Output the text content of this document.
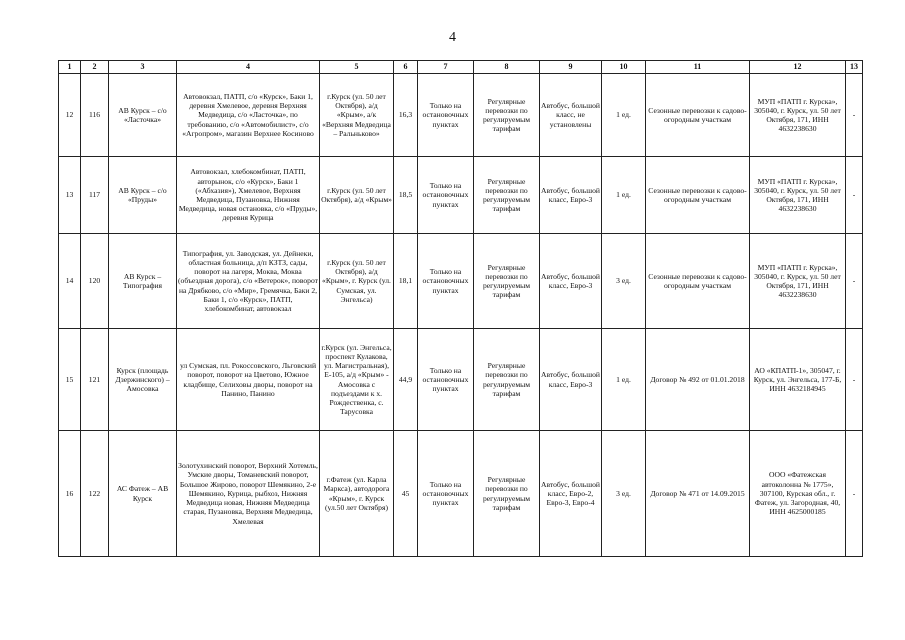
4
1	2	3	4	5	6	7	8	9	10	11	12	13
12	116	АВ Курск – с/о «Ласточка»	Автовокзал, ПАТП, с/о «Курск», Баки 1, деревня Хмелевое, деревня Верхняя Медведица, с/о «Ласточка», по требованию, с/о «Автомобилист», с/о «Агропром», магазин Верхнее Косиново	г.Курск (ул. 50 лет Октября), а/д «Крым», а/к «Верхняя Медведица – Ральньково»	16,3	Только на остановочных пунктах	Регулярные перевозки по регулируемым тарифам	Автобус, большой класс, не установлены	1 ед.	Сезонные перевозки к садово-огородным участкам	МУП «ПАТП г. Курска», 305040, г. Курск, ул. 50 лет Октября, 171, ИНН 4632238630	-
13	117	АВ Курск – с/о «Пруды»	Автовокзал, хлебокомбинат, ПАТП, авторынок, с/о «Курск», Баки 1 («Абхазия»), Хмелевое, Верхняя Медведица, Пузановка, Нижняя Медведица, новая остановка, с/о «Пруды», деревня Курица	г.Курск (ул. 50 лет Октября), а/д «Крым»	18,5	Только на остановочных пунктах	Регулярные перевозки по регулируемым тарифам	Автобус, большой класс, Евро-3	1 ед.	Сезонные перевозки к садово-огородным участкам	МУП «ПАТП г. Курска», 305040, г. Курск, ул. 50 лет Октября, 171, ИНН 4632238630	-
14	120	АВ Курск – Типография	Типография, ул. Заводская, ул. Дейнеки, областная больница, д/п КЗТЗ, сады, поворот на лагеря, Моква, Моква (объездная дорога), с/о «Ветерок», поворот на Дрябково, с/о «Мир», Гремячка, Баки 2, Баки 1, с/о «Курск», ПАТП, хлебокомбинат, автовокзал	г.Курск (ул. 50 лет Октября), а/д «Крым», г. Курск (ул. Сумская, ул. Энгельса)	18,1	Только на остановочных пунктах	Регулярные перевозки по регулируемым тарифам	Автобус, большой класс, Евро-3	3 ед.	Сезонные перевозки к садово-огородным участкам	МУП «ПАТП г. Курска», 305040, г. Курск, ул. 50 лет Октября, 171, ИНН 4632238630	-
15	121	Курск (площадь Дзержинского) – Амосовка	ул Сумская, пл. Рокоссовского, Льговский поворот, поворот на Цветово, Южное кладбище, Селиховы дворы, поворот на Панино, Панино	г.Курск (ул. Энгельса, проспект Кулакова, ул. Магистральная), Е-105, а/д «Крым» - Амосовка с подъездами к х. Рождественка, с. Тарусовка	44,9	Только на остановочных пунктах	Регулярные перевозки по регулируемым тарифам	Автобус, большой класс, Евро-3	1 ед.	Договор № 492 от 01.01.2018	АО «КПАТП-1», 305047, г. Курск, ул. Энгельса, 177-Б, ИНН 4632184945	-
16	122	АС Фатеж – АВ Курск	Золотухинский поворот, Верхний Хотемль, Умские дворы, Томаневский поворот, Большое Жирово, поворот Шемякино, 2-е Шемякино, Курица, рыбхоз, Нижняя Медведица новая, Нижняя Медведица старая, Пузановка, Верхняя Медведица, Хмелевая	г.Фатеж (ул. Карла Маркса), автодорога «Крым», г. Курск (ул.50 лет Октября)	45	Только на остановочных пунктах	Регулярные перевозки по регулируемым тарифам	Автобус, большой класс, Евро-2, Евро-3, Евро-4	3 ед.	Договор № 471 от 14.09.2015	ООО «Фатежская автоколонна № 1775», 307100, Курская обл., г. Фатеж, ул. Загородная, 40, ИНН 4625000185	-
